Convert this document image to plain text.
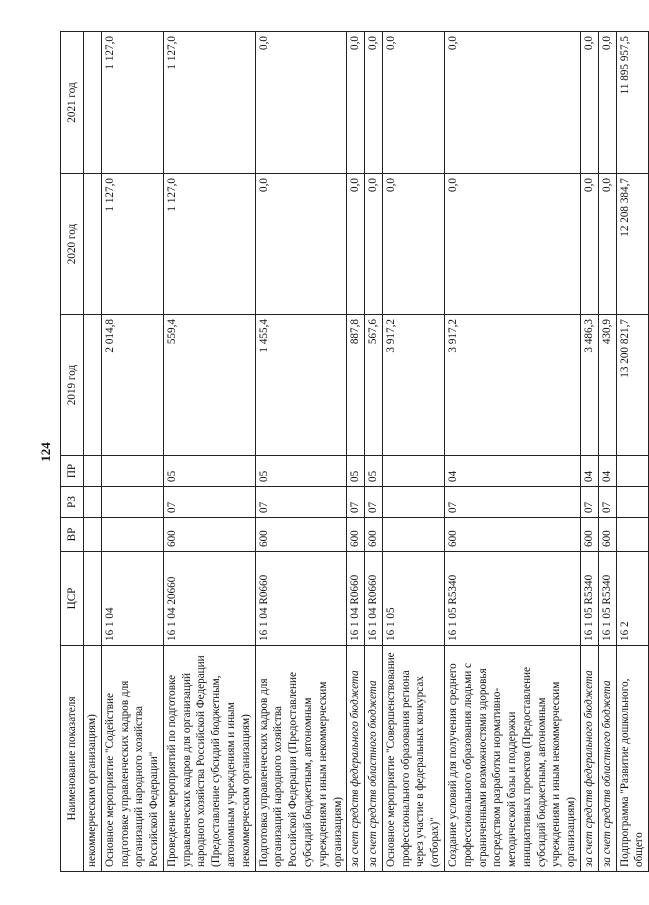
124
Наименование показателя	ЦСР	ВР	РЗ	ПР	2019 год	2020 год	2021 год
некоммерческим организациям)							
Основное мероприятие "Содействие подготовке управленческих кадров для организаций народного хозяйства Российской Федерации"	16 1 04				2 014,8	1 127,0	1 127,0
Проведение мероприятий по подготовке управленческих кадров для организаций народного хозяйства Российской Федерации (Предоставление субсидий бюджетным, автономным учреждениям и иным некоммерческим организациям)	16 1 04 20660	600	07	05	559,4	1 127,0	1 127,0
Подготовка управленческих кадров для организаций народного хозяйства Российской Федерации (Предоставление субсидий бюджетным, автономным учреждениям и иным некоммерческим организациям)	16 1 04 R0660	600	07	05	1 455,4	0,0	0,0
за счет средств федерального бюджета	16 1 04 R0660	600	07	05	887,8	0,0	0,0
за счет средств областного бюджета	16 1 04 R0660	600	07	05	567,6	0,0	0,0
Основное мероприятие "Совершенствование профессионального образования региона через участие в федеральных конкурсах (отборах)"	16 1 05				3 917,2	0,0	0,0
Создание условий для получения среднего профессионального образования людьми с ограниченными возможностями здоровья посредством разработки нормативно-методической базы и поддержки инициативных проектов (Предоставление субсидий бюджетным, автономным учреждениям и иным некоммерческим организациям)	16 1 05 R5340	600	07	04	3 917,2	0,0	0,0
за счет средств федерального бюджета	16 1 05 R5340	600	07	04	3 486,3	0,0	0,0
за счет средств областного бюджета	16 1 05 R5340	600	07	04	430,9	0,0	0,0
Подпрограмма "Развитие дошкольного, общего	16 2				13 200 821,7	12 208 384,7	11 895 957,5
